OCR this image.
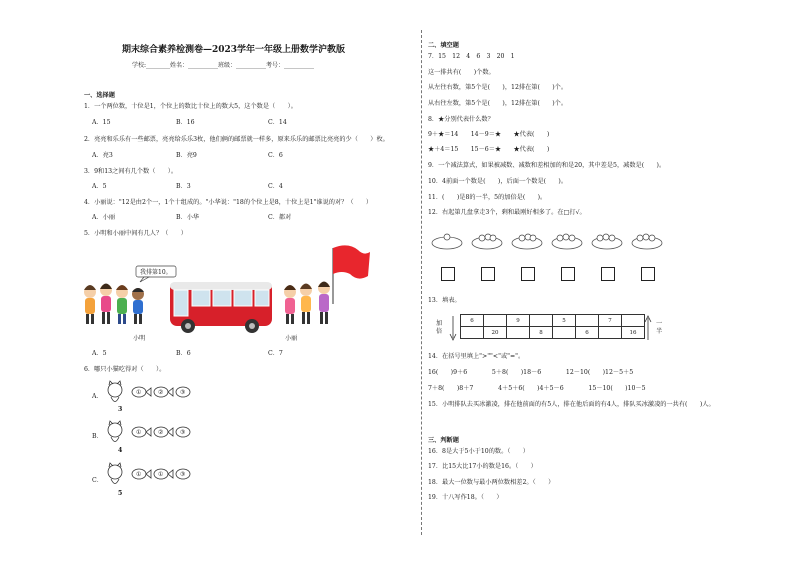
期末综合素养检测卷—2023学年一年级上册数学沪教版
学校:________姓名：__________班级：__________考号：__________
一、选择题
1．一个两位数，十位是1，个位上的数比十位上的数大5，这个数是（　　）。
A．15	B．16	C．14
2．亮亮和乐乐有一些邮票，亮亮给乐乐3枚，他们俩的邮票就一样多，原来乐乐的邮票比亮亮的少（　　）枚。
A．亮3	B．亮9	C．6
3．9和13之间有几个数（　　）。
A．5	B．3	C．4
4．小丽说："12是由2个一，1个十组成的。"小华说："18的个位上是8，十位上是1"谁说的对？（　　）
A．小丽	B．小华	C．都对
5．小明和小丽中间有几人？（　　）
我排第10。
小明	小丽
A．5	B．6	C．7
6．哪只小猫吃得对（　　）。
A．
①	②	③
3
B．
①	②	③
4
C．
①	①	③
5
二、填空题
7．15　12　4　6　3　20　1
这一排共有(　　)个数。
从左往右数，第5个是(　　)，12排在第(　　)个。
从右往左数，第5个是(　　)，12排在第(　　)个。
8．★分别代表什么数？
9＋★＝14　　14－9＝★　　★代表(　　)
★＋4＝15　　15－6＝★　　★代表(　　)
9．一个减法算式，如果被减数、减数和差相加的和是20，其中差是5，减数是(　　)。
10．4前面一个数是(　　)，后面一个数是(　　)。
11．(　　)是8的一半，5的加倍是(　　)。
12．右起第几盘拿走3个，剩和最刚好相多了。在□打√。
13．填表。
加倍
6		9		5		7	
	20		8		6		16
一半
14．在括号里填上">""<"或"="。
16(　　)9＋6　　　　5＋8(　　)18－6　　　　12－10(　　)12－5＋5
7＋8(　　)8＋7　　　　4＋5＋6(　　)4＋5－6　　　　15－10(　　)10－5
15．小明排队去买冰激凌，排在他前面的有5人，排在他后面的有4人，排队买冰激凌的一共有(　　)人。
三、判断题
16．8是大于5小于10的数。（　　）
17．比15大比17小的数是16。（　　）
18．最大一位数与最小两位数相差2。（　　）
19．十八写作18。（　　）
